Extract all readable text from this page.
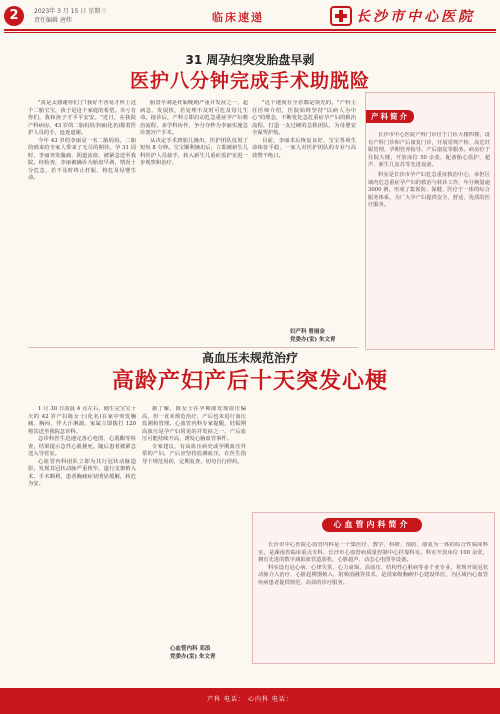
2	2023年 3 月 15 日 星期三
责任编辑 唐炜	临床速递	长沙市中心医院
31 周孕妇突发胎盘早剥
医护八分钟完成手术助脱险

"真是太感谢你们了!我好不容易才怀上这个二胎宝宝，孩子是这个家庭的希望。幸亏有你们，我和孩子才平平安安。"近日，在我院产科病房，43 岁的二胎妈妈李丽(化名)握着医护人员的手，连连道谢。

今年 43 岁的李丽是一名二胎妈妈，二胎的到来给全家人带来了无尽的期待。孕 31 周时，李丽突发腹痛、阴道流血，被紧急送至我院。经检查，李丽被确诊为胎盘早剥，情况十分危急，若不及时终止妊娠，将危及母婴生命。

胎盘早剥是妊娠晚期严重并发症之一，起病急、发展快，若处理不及时可危及母儿生命。接诊后，产科立即启动危急重症孕产妇救治流程，多学科协作，争分夺秒为李丽实施急诊剖宫产手术。

从决定手术到胎儿娩出，医护团队仅用了短短 8 分钟。宝宝顺利娩出后，立即被新生儿科医护人员接手，转入新生儿重症监护室进一步观察和治疗。

"这个速度在全省都是领先的。"产科主任医师介绍，医院始终坚持"以病人为中心"的理念，不断优化急危重症孕产妇的救治流程，打造一支过硬的急救团队，为母婴安全保驾护航。

目前，李丽术后恢复良好，宝宝各项生命体征平稳，一家人对医护团队的专业与高效赞不绝口。

妇产科 曾丽金
党委办(室) 朱文青
产科简介

长沙市中心医院产科门诊位于门诊大楼四楼，设有产科门诊和产后康复门诊，开展常规产检、高危妊娠管理、孕期营养指导、产后康复等服务。病房位于住院大楼，开放床位 50 余张，配备胎心监护、超声、新生儿复苏等先进设备。

科室是长沙市孕产妇危急重症救治中心，承担区域内危急重症孕产妇的救治与转诊工作，年分娩量逾 3000 例，形成了集预防、保健、医疗于一体的综合服务体系，为广大孕产妇提供安全、舒适、优质的医疗服务。

高血压未规范治疗
高龄产妇产后十天突发心梗

1 月 30 日凌晨 4 点左右，刚生完宝宝十天的 42 岁产妇陈女士(化名)在家中突发胸痛、胸闷，伴大汗淋漓，家属立即拨打 120 将其送至我院急诊科。

急诊科医生迅速完善心电图、心肌酶等检查，结果提示急性心肌梗死。随后患者被紧急送入导管室。

心血管内科团队立即为其行冠状动脉造影，发现其冠状动脉严重狭窄，遂行支架植入术，手术顺利，患者胸痛症状明显缓解，转危为安。

据了解，陈女士在孕期即发现血压偏高，但一直未规范治疗，产后也未进行血压监测和管理。心血管内科专家提醒，妊娠期高血压是孕产妇常见的并发症之一，产后血压可能持续升高，诱发心脑血管事件。

专家建议，有高血压病史或孕期血压异常的产妇，产后应坚持监测血压，在医生指导下规范用药，定期复查，切勿自行停药。

心血管内科 邓浪
党委办(室) 朱文青
心血管内科简介

长沙市中心医院心血管内科是一个集医疗、教学、科研、预防、康复为一体的综合性临床科室，是湖南省临床重点专科、长沙市心血管病质量控制中心挂靠科室。科室开放床位 100 余张，拥有先进的数字减影血管造影机、心脏超声、动态心电图等设备。

科室设有冠心病、心律失常、心力衰竭、高血压、结构性心脏病等多个亚专业，常规开展冠状动脉介入治疗、心脏起搏器植入、射频消融等技术，是国家级胸痛中心建设单位，为区域内心血管疾病患者提供规范、高效的诊疗服务。

产科 电话： 心内科 电话：
